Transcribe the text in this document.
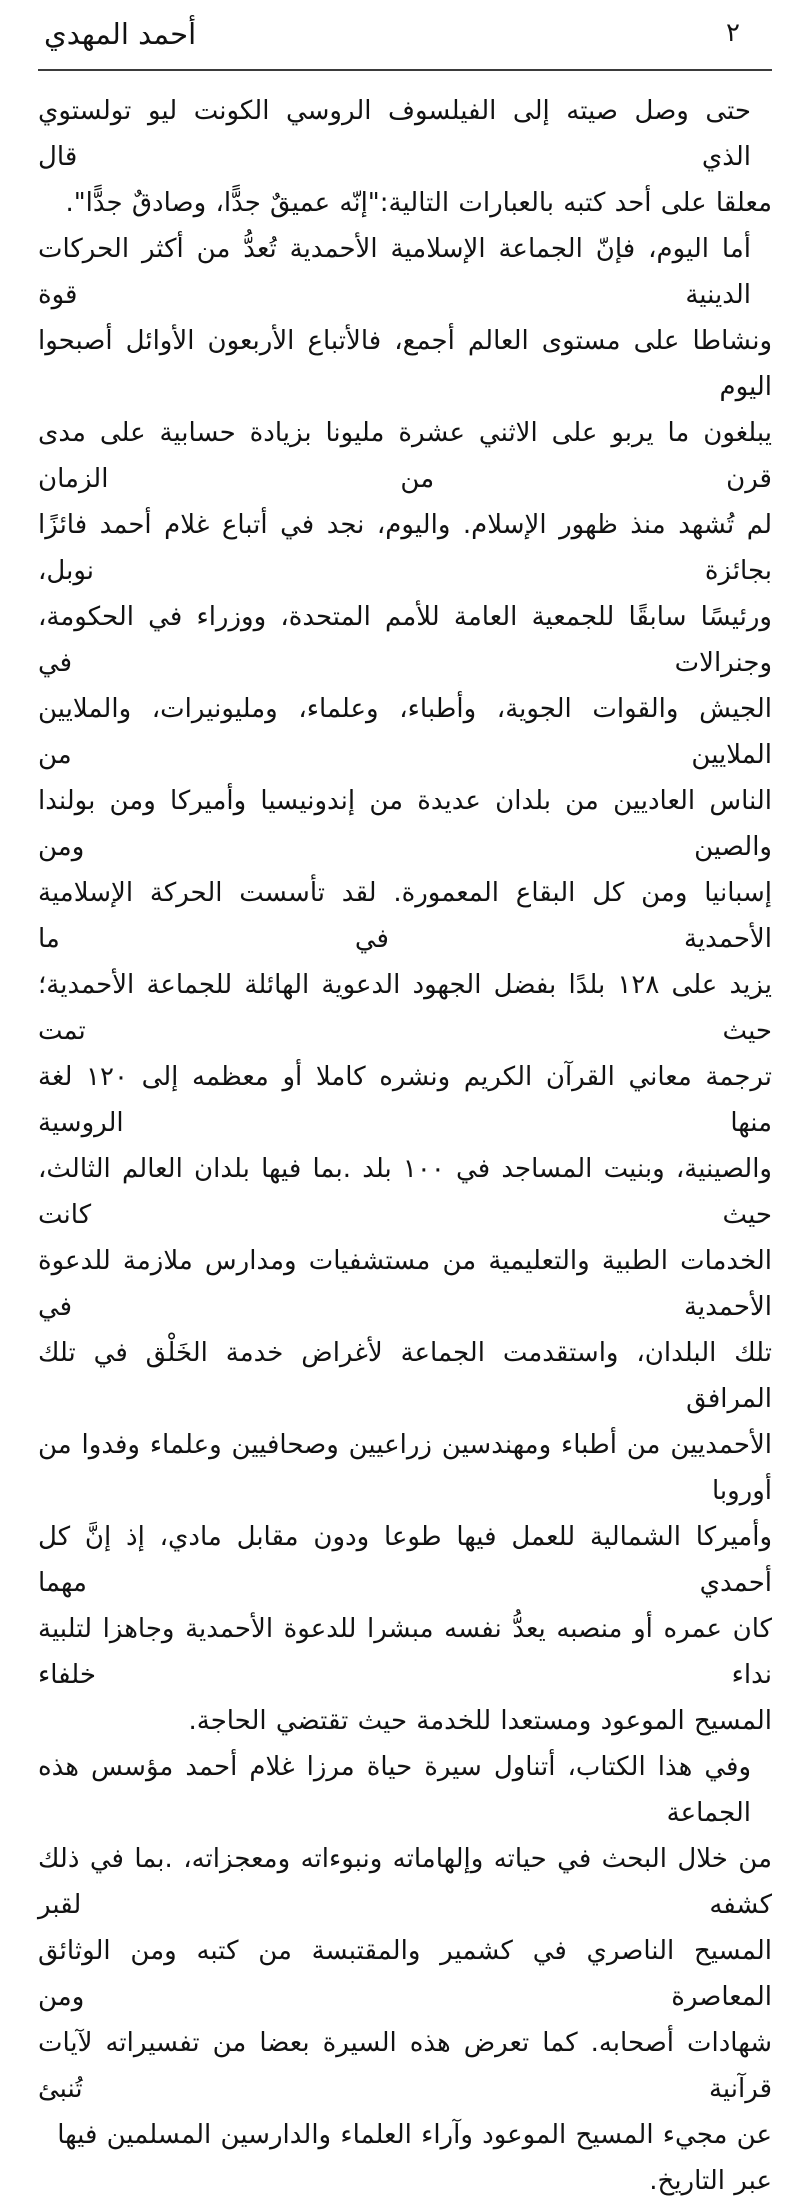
أحمد المهدي	٢
حتى وصل صيته إلى الفيلسوف الروسي الكونت ليو تولستوي الذي قال
معلقا على أحد كتبه بالعبارات التالية:"إنّه عميقٌ جدًّا، وصادقٌ جدًّا".
أما اليوم، فإنّ الجماعة الإسلامية الأحمدية تُعدُّ من أكثر الحركات الدينية قوة
ونشاطا على مستوى العالم أجمع، فالأتباع الأربعون الأوائل أصبحوا اليوم
يبلغون ما يربو على الاثني عشرة مليونا بزيادة حسابية على مدى قرن من الزمان
لم تُشهد منذ ظهور الإسلام. واليوم، نجد في أتباع غلام أحمد فائزًا بجائزة نوبل،
ورئيسًا سابقًا للجمعية العامة للأمم المتحدة، ووزراء في الحكومة، وجنرالات في
الجيش والقوات الجوية، وأطباء، وعلماء، ومليونيرات، والملايين الملايين من
الناس العاديين من بلدان عديدة من إندونيسيا وأميركا ومن بولندا والصين ومن
إسبانيا ومن كل البقاع المعمورة. لقد تأسست الحركة الإسلامية الأحمدية في ما
يزيد على ١٢٨ بلدًا بفضل الجهود الدعوية الهائلة للجماعة الأحمدية؛ حيث تمت
ترجمة معاني القرآن الكريم ونشره كاملا أو معظمه إلى ١٢٠ لغة منها الروسية
والصينية، وبنيت المساجد في ١٠٠ بلد .بما فيها بلدان العالم الثالث، حيث كانت
الخدمات الطبية والتعليمية من مستشفيات ومدارس ملازمة للدعوة الأحمدية في
تلك البلدان، واستقدمت الجماعة لأغراض خدمة الخَلْق في تلك المرافق
الأحمديين من أطباء ومهندسين زراعيين وصحافيين وعلماء وفدوا من أوروبا
وأميركا الشمالية للعمل فيها طوعا ودون مقابل مادي، إذ إنَّ كل أحمدي مهما
كان عمره أو منصبه يعدُّ نفسه مبشرا للدعوة الأحمدية وجاهزا لتلبية نداء خلفاء
المسيح الموعود ومستعدا للخدمة حيث تقتضي الحاجة.
وفي هذا الكتاب، أتناول سيرة حياة مرزا غلام أحمد مؤسس هذه الجماعة
من خلال البحث في حياته وإلهاماته ونبوءاته ومعجزاته، .بما في ذلك كشفه لقبر
المسيح الناصري في كشمير والمقتبسة من كتبه ومن الوثائق المعاصرة ومن
شهادات أصحابه. كما تعرض هذه السيرة بعضا من تفسيراته لآيات قرآنية تُنبئ
عن مجيء المسيح الموعود وآراء العلماء والدارسين المسلمين فيها عبر التاريخ.
